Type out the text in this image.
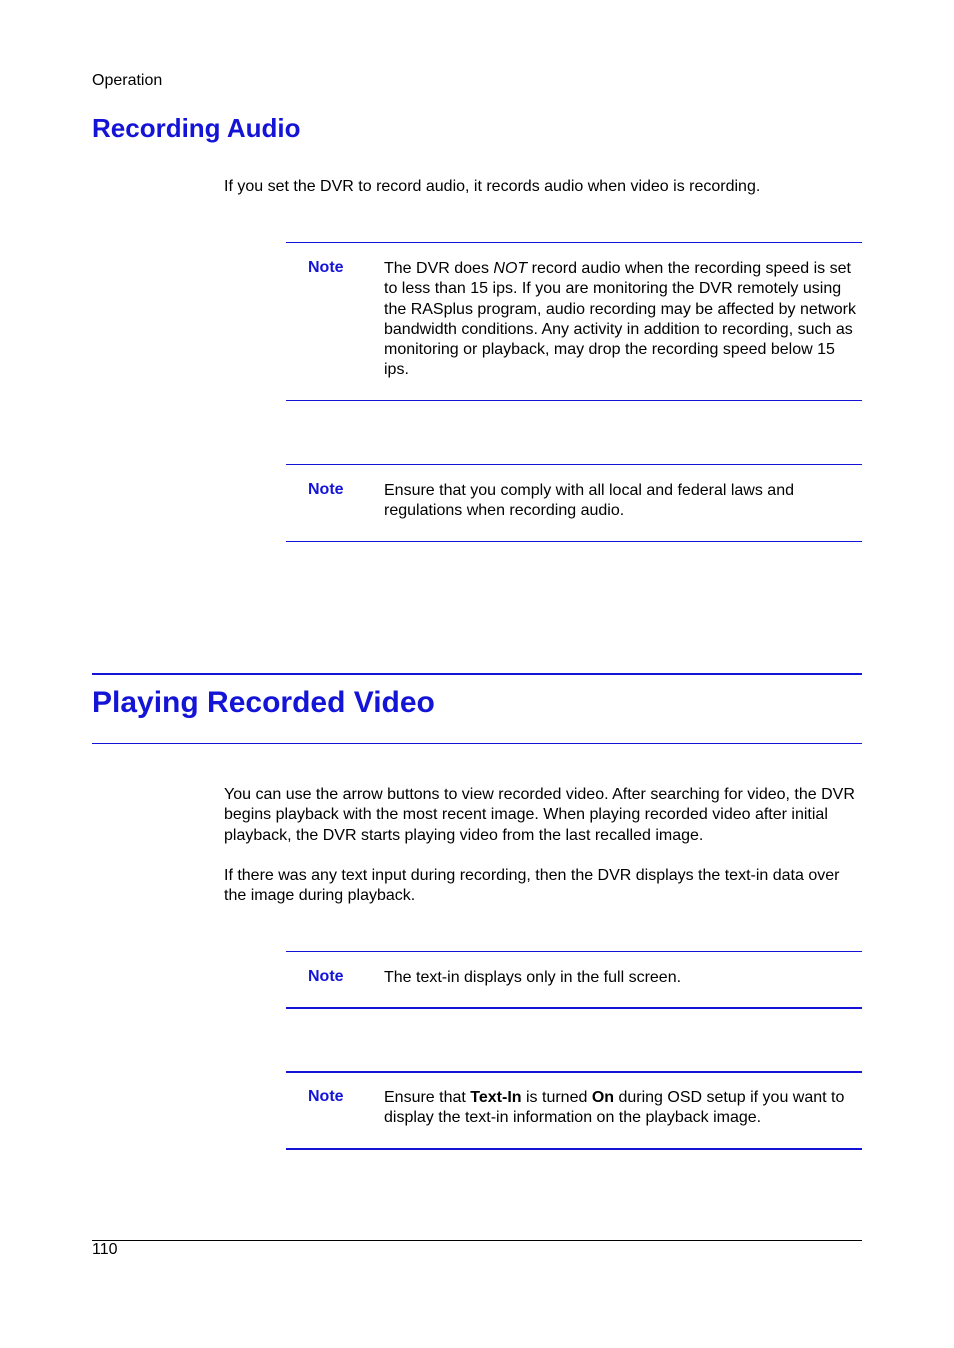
Operation
Recording Audio

If you set the DVR to record audio, it records audio when video is recording.

Note	The DVR does NOT record audio when the recording speed is set to less than 15 ips. If you are monitoring the DVR remotely using the RASplus program, audio recording may be affected by network bandwidth conditions. Any activity in addition to recording, such as monitoring or playback, may drop the recording speed below 15 ips.
Note	Ensure that you comply with all local and federal laws and regulations when recording audio.
Playing Recorded Video

You can use the arrow buttons to view recorded video. After searching for video, the DVR begins playback with the most recent image. When playing recorded video after initial playback, the DVR starts playing video from the last recalled image.

If there was any text input during recording, then the DVR displays the text-in data over the image during playback.

Note	The text-in displays only in the full screen.
Note	Ensure that Text-In is turned On during OSD setup if you want to display the text-in information on the playback image.
110
